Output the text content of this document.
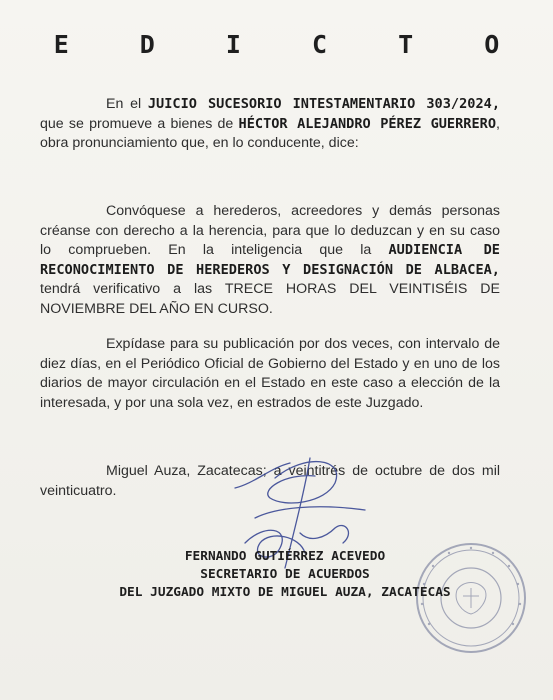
E D I C T O
En el JUICIO SUCESORIO INTESTAMENTARIO 303/2024, que se promueve a bienes de HÉCTOR ALEJANDRO PÉREZ GUERRERO, obra pronunciamiento que, en lo conducente, dice:
Convóquese a herederos, acreedores y demás personas créanse con derecho a la herencia, para que lo deduzcan y en su caso lo comprueben. En la inteligencia que la AUDIENCIA DE RECONOCIMIENTO DE HEREDEROS Y DESIGNACIÓN DE ALBACEA, tendrá verificativo a las TRECE HORAS DEL VEINTISÉIS DE NOVIEMBRE DEL AÑO EN CURSO.
Expídase para su publicación por dos veces, con intervalo de diez días, en el Periódico Oficial de Gobierno del Estado y en uno de los diarios de mayor circulación en el Estado en este caso a elección de la interesada, y por una sola vez, en estrados de este Juzgado.
Miguel Auza, Zacatecas; a veintitrés de octubre de dos mil veinticuatro.
FERNANDO GUTIÉRREZ ACEVEDO
SECRETARIO DE ACUERDOS
DEL JUZGADO MIXTO DE MIGUEL AUZA, ZACATECAS
